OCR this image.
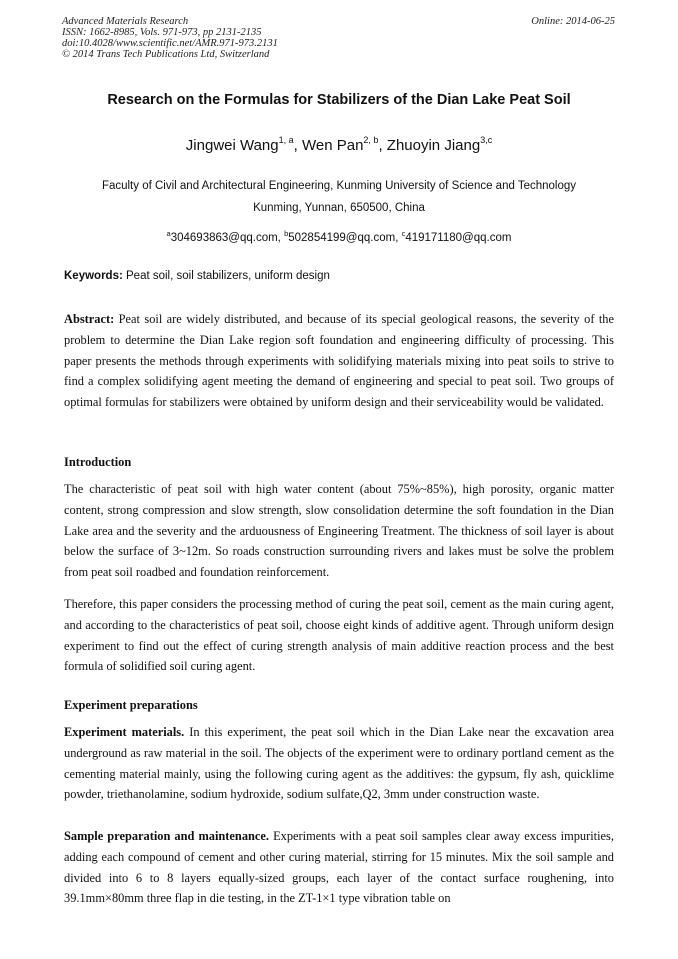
Advanced Materials Research
ISSN: 1662-8985, Vols. 971-973, pp 2131-2135
doi:10.4028/www.scientific.net/AMR.971-973.2131
© 2014 Trans Tech Publications Ltd, Switzerland
Online: 2014-06-25
Research on the Formulas for Stabilizers of the Dian Lake Peat Soil
Jingwei Wang$^{1, a}$, Wen Pan$^{2, b}$, Zhuoyin Jiang$^{3,c}$
Faculty of Civil and Architectural Engineering, Kunming University of Science and Technology
Kunming, Yunnan, 650500, China
$^a$304693863@qq.com, $^b$502854199@qq.com, $^c$419171180@qq.com
Keywords: Peat soil, soil stabilizers, uniform design

Abstract: Peat soil are widely distributed, and because of its special geological reasons, the severity of the problem to determine the Dian Lake region soft foundation and engineering difficulty of processing. This paper presents the methods through experiments with solidifying materials mixing into peat soils to strive to find a complex solidifying agent meeting the demand of engineering and special to peat soil. Two groups of optimal formulas for stabilizers were obtained by uniform design and their serviceability would be validated.

Introduction

The characteristic of peat soil with high water content (about 75%~85%), high porosity, organic matter content, strong compression and slow strength, slow consolidation determine the soft foundation in the Dian Lake area and the severity and the arduousness of Engineering Treatment. The thickness of soil layer is about below the surface of 3~12m. So roads construction surrounding rivers and lakes must be solve the problem from peat soil roadbed and foundation reinforcement.

Therefore, this paper considers the processing method of curing the peat soil, cement as the main curing agent, and according to the characteristics of peat soil, choose eight kinds of additive agent. Through uniform design experiment to find out the effect of curing strength analysis of main additive reaction process and the best formula of solidified soil curing agent.

Experiment preparations

Experiment materials. In this experiment, the peat soil which in the Dian Lake near the excavation area underground as raw material in the soil. The objects of the experiment were to ordinary portland cement as the cementing material mainly, using the following curing agent as the additives: the gypsum, fly ash, quicklime powder, triethanolamine, sodium hydroxide, sodium sulfate,Q2, 3mm under construction waste.

Sample preparation and maintenance. Experiments with a peat soil samples clear away excess impurities, adding each compound of cement and other curing material, stirring for 15 minutes. Mix the soil sample and divided into 6 to 8 layers equally-sized groups, each layer of the contact surface roughening, into 39.1mm×80mm three flap in die testing, in the ZT-1×1 type vibration table on
